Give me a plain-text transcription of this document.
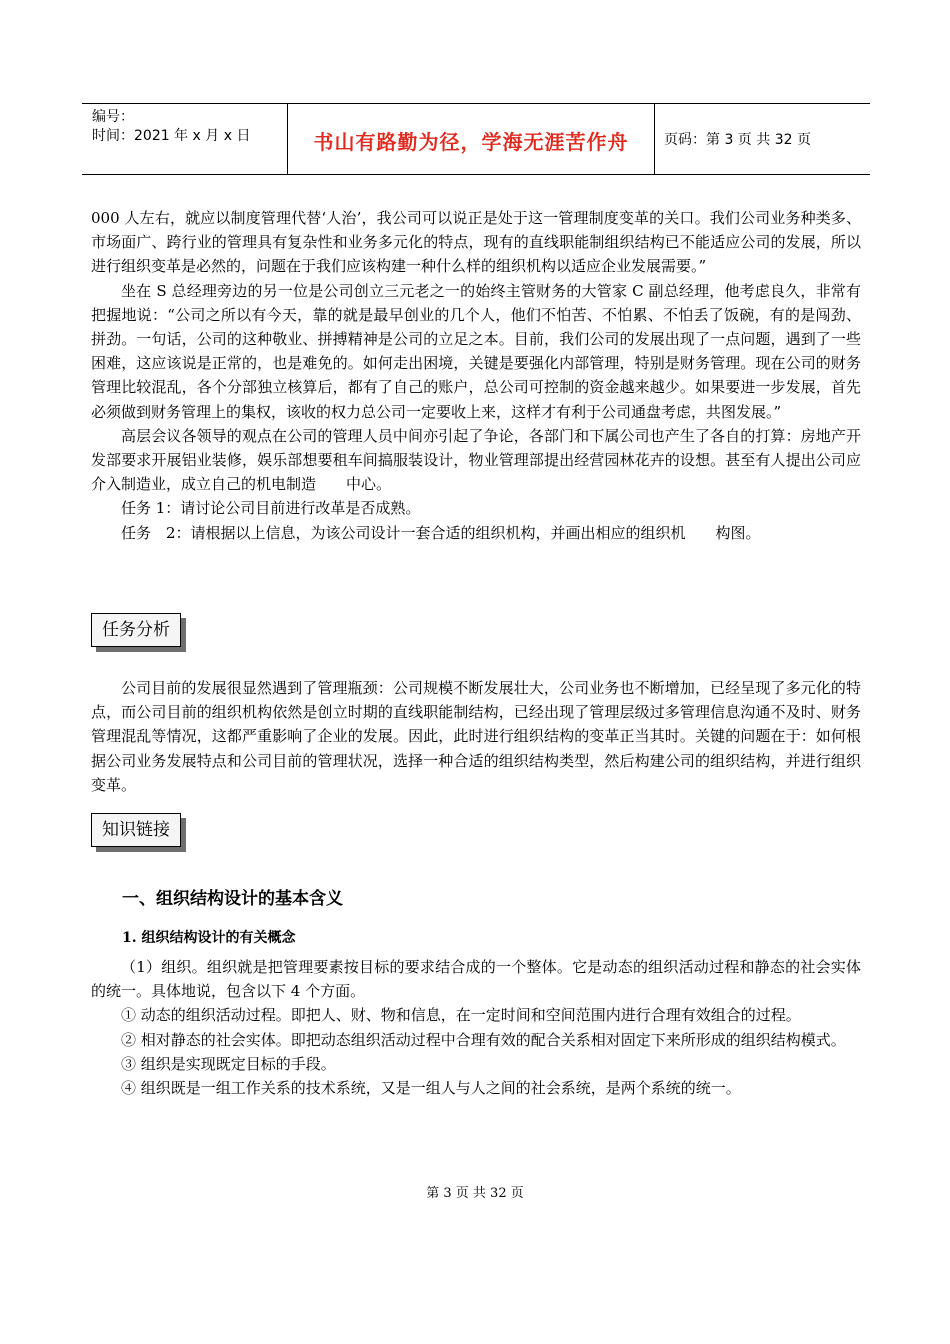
编号：
时间：2021 年 x 月 x 日	书山有路勤为径，学海无涯苦作舟	页码：第 3 页 共 32 页

000 人左右，就应以制度管理代替‘人治’，我公司可以说正是处于这一管理制度变革的关口。我们公司业务种类多、市场面广、跨行业的管理具有复杂性和业务多元化的特点，现有的直线职能制组织结构已不能适应公司的发展，所以进行组织变革是必然的，问题在于我们应该构建一种什么样的组织机构以适应企业发展需要。”

坐在 S 总经理旁边的另一位是公司创立三元老之一的始终主管财务的大管家 C 副总经理，他考虑良久，非常有把握地说：“公司之所以有今天，靠的就是最早创业的几个人，他们不怕苦、不怕累、不怕丢了饭碗，有的是闯劲、拼劲。一句话，公司的这种敬业、拼搏精神是公司的立足之本。目前，我们公司的发展出现了一点问题，遇到了一些困难，这应该说是正常的，也是难免的。如何走出困境，关键是要强化内部管理，特别是财务管理。现在公司的财务管理比较混乱，各个分部独立核算后，都有了自己的账户，总公司可控制的资金越来越少。如果要进一步发展，首先必须做到财务管理上的集权，该收的权力总公司一定要收上来，这样才有利于公司通盘考虑，共图发展。”

高层会议各领导的观点在公司的管理人员中间亦引起了争论，各部门和下属公司也产生了各自的打算：房地产开发部要求开展铝业装修，娱乐部想要租车间搞服装设计，物业管理部提出经营园林花卉的设想。甚至有人提出公司应介入制造业，成立自己的机电制造　　中心。

任务 1：请讨论公司目前进行改革是否成熟。

任务　2：请根据以上信息，为该公司设计一套合适的组织机构，并画出相应的组织机　　构图。

任务分析

公司目前的发展很显然遇到了管理瓶颈：公司规模不断发展壮大，公司业务也不断增加，已经呈现了多元化的特点，而公司目前的组织机构依然是创立时期的直线职能制结构，已经出现了管理层级过多管理信息沟通不及时、财务管理混乱等情况，这都严重影响了企业的发展。因此，此时进行组织结构的变革正当其时。关键的问题在于：如何根据公司业务发展特点和公司目前的管理状况，选择一种合适的组织结构类型，然后构建公司的组织结构，并进行组织变革。

知识链接
一、组织结构设计的基本含义
1. 组织结构设计的有关概念

（1）组织。组织就是把管理要素按目标的要求结合成的一个整体。它是动态的组织活动过程和静态的社会实体的统一。具体地说，包含以下 4 个方面。

① 动态的组织活动过程。即把人、财、物和信息，在一定时间和空间范围内进行合理有效组合的过程。

② 相对静态的社会实体。即把动态组织活动过程中合理有效的配合关系相对固定下来所形成的组织结构模式。

③ 组织是实现既定目标的手段。

④ 组织既是一组工作关系的技术系统，又是一组人与人之间的社会系统，是两个系统的统一。

第 3 页 共 32 页
